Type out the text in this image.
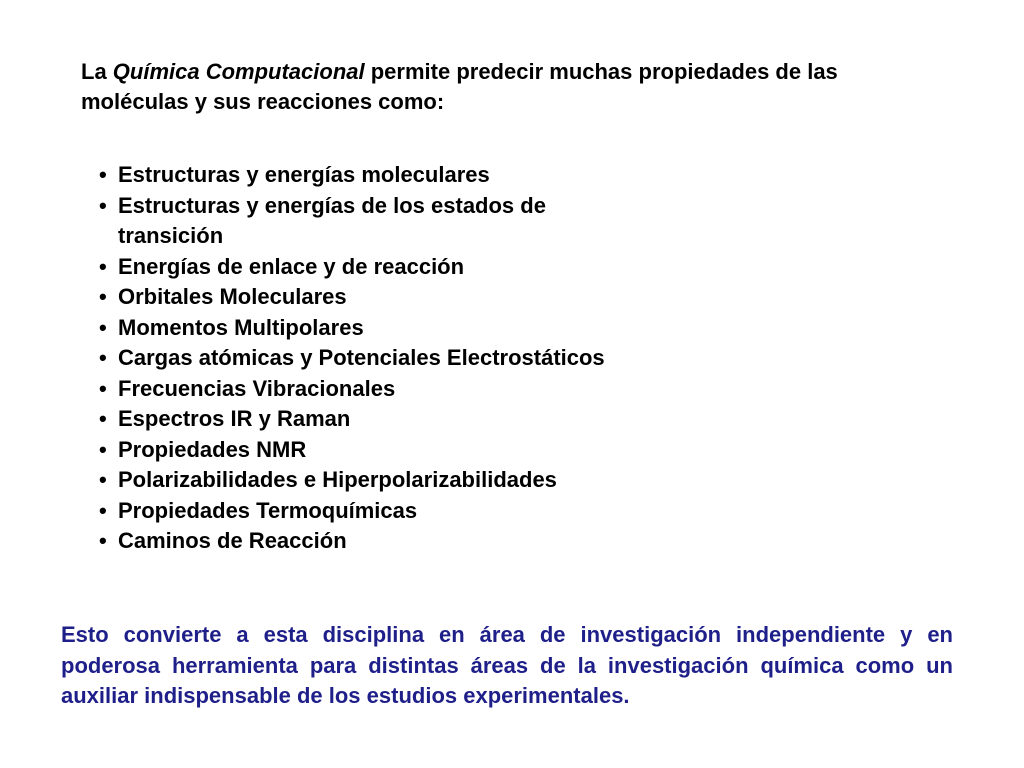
La Química Computacional permite predecir muchas propiedades de las moléculas y sus reacciones como:

• Estructuras y energías moleculares
• Estructuras y energías de los estados de transición
• Energías de enlace y de reacción
• Orbitales Moleculares
• Momentos Multipolares
• Cargas atómicas y Potenciales Electrostáticos
• Frecuencias Vibracionales
• Espectros IR y Raman
• Propiedades NMR
• Polarizabilidades e Hiperpolarizabilidades
• Propiedades Termoquímicas
• Caminos de Reacción

Esto convierte a esta disciplina en área de investigación independiente y en poderosa herramienta para distintas áreas de la investigación química como un auxiliar indispensable de los estudios experimentales.
